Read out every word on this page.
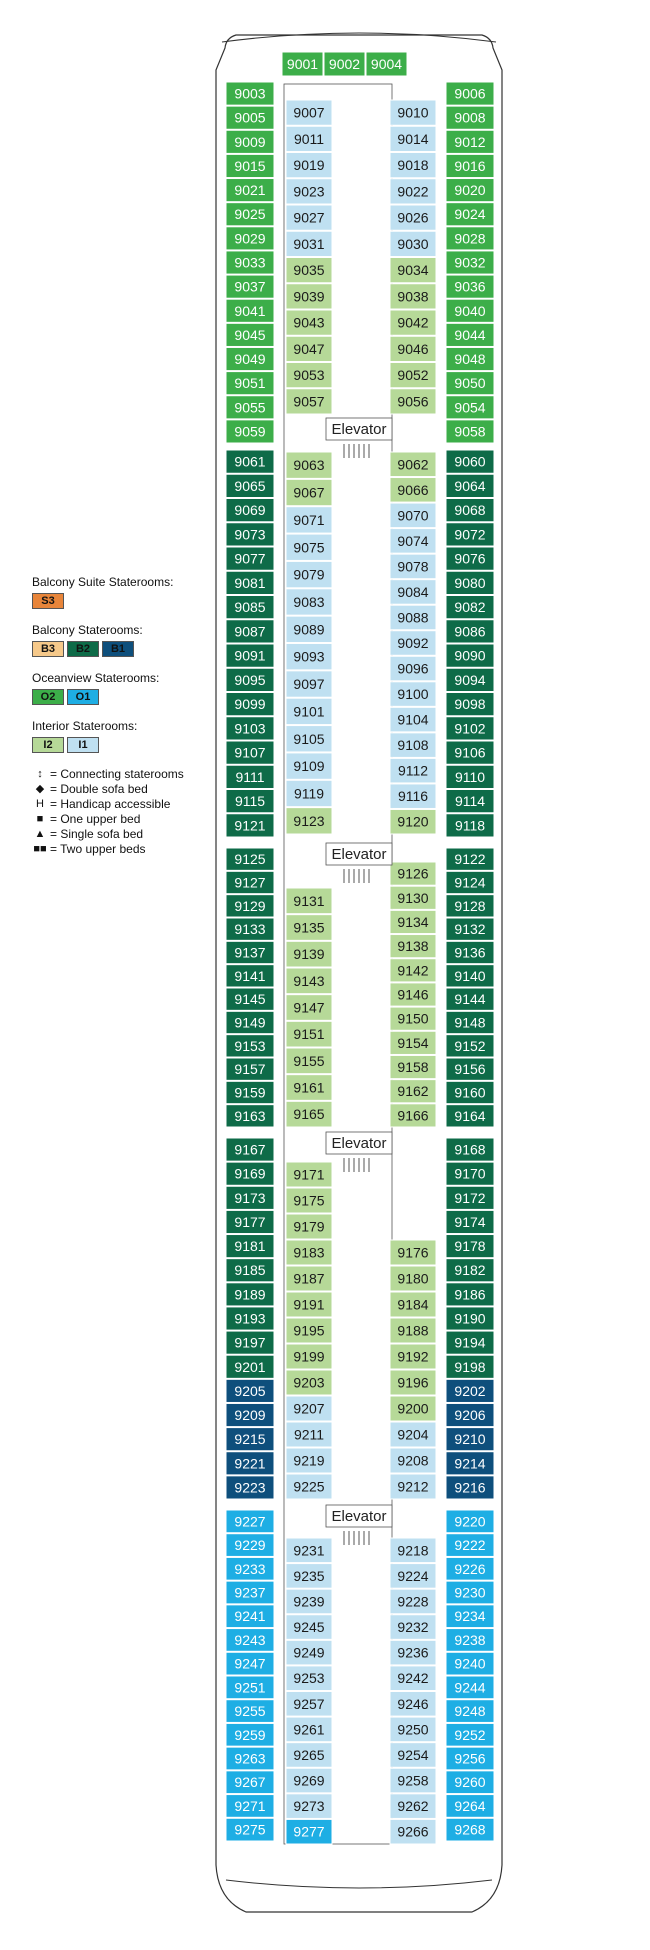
9003
9005
9009
9015
9021
9025
9029
9033
9037
9041
9045
9049
9051
9055
9059
9061
9065
9069
9073
9077
9081
9085
9087
9091
9095
9099
9103
9107
9111
9115
9121
9125
9127
9129
9133
9137
9141
9145
9149
9153
9157
9159
9163
9167
9169
9173
9177
9181
9185
9189
9193
9197
9201
9205
9209
9215
9221
9223
9227
9229
9233
9237
9241
9243
9247
9251
9255
9259
9263
9267
9271
9275
9006
9008
9012
9016
9020
9024
9028
9032
9036
9040
9044
9048
9050
9054
9058
9060
9064
9068
9072
9076
9080
9082
9086
9090
9094
9098
9102
9106
9110
9114
9118
9122
9124
9128
9132
9136
9140
9144
9148
9152
9156
9160
9164
9168
9170
9172
9174
9178
9182
9186
9190
9194
9198
9202
9206
9210
9214
9216
9220
9222
9226
9230
9234
9238
9240
9244
9248
9252
9256
9260
9264
9268
9007
9011
9019
9023
9027
9031
9035
9039
9043
9047
9053
9057
9063
9067
9071
9075
9079
9083
9089
9093
9097
9101
9105
9109
9119
9123
9131
9135
9139
9143
9147
9151
9155
9161
9165
9171
9175
9179
9183
9187
9191
9195
9199
9203
9207
9211
9219
9225
9231
9235
9239
9245
9249
9253
9257
9261
9265
9269
9273
9277
9010
9014
9018
9022
9026
9030
9034
9038
9042
9046
9052
9056
9062
9066
9070
9074
9078
9084
9088
9092
9096
9100
9104
9108
9112
9116
9120
9126
9130
9134
9138
9142
9146
9150
9154
9158
9162
9166
9176
9180
9184
9188
9192
9196
9200
9204
9208
9212
9218
9224
9228
9232
9236
9242
9246
9250
9254
9258
9262
9266
9001 9002 9004
Elevator
Elevator
Elevator
Elevator
Balcony Suite Staterooms:
S3
Balcony Staterooms:
B3	B2	B1
Oceanview Staterooms:
O2	O1
Interior Staterooms:
I2	I1
↕ = Connecting staterooms
◆ = Double sofa bed
H = Handicap accessible
■ = One upper bed
▲ = Single sofa bed
■■ = Two upper beds
